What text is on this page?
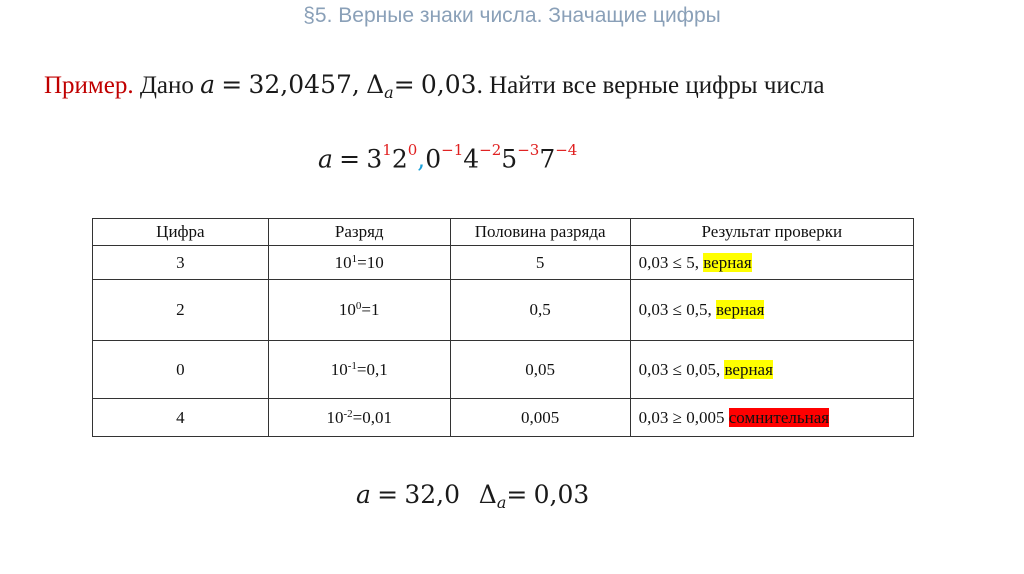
§5. Верные знаки числа. Значащие цифры
Пример. Дано a = 32,0457, $\Delta_a= 0,03$. Найти все верные цифры числа
$a = 3^12^0,0^{-1}4^{-2}5^{-3}7^{-4}$
Цифра	Разряд	Половина разряда	Результат проверки
3	$10^1=10$	5	0,03 ≤ 5, верная
2	$10^0=1$	0,5	0,03 ≤ 0,5, верная
0	$10^{-1}=0,1$	0,05	0,03 ≤ 0,05, верная
4	$10^{-2}=0,01$	0,005	0,03 ≥ 0,005 сомнительная
a = 32,0 $\Delta_a= 0,03$
